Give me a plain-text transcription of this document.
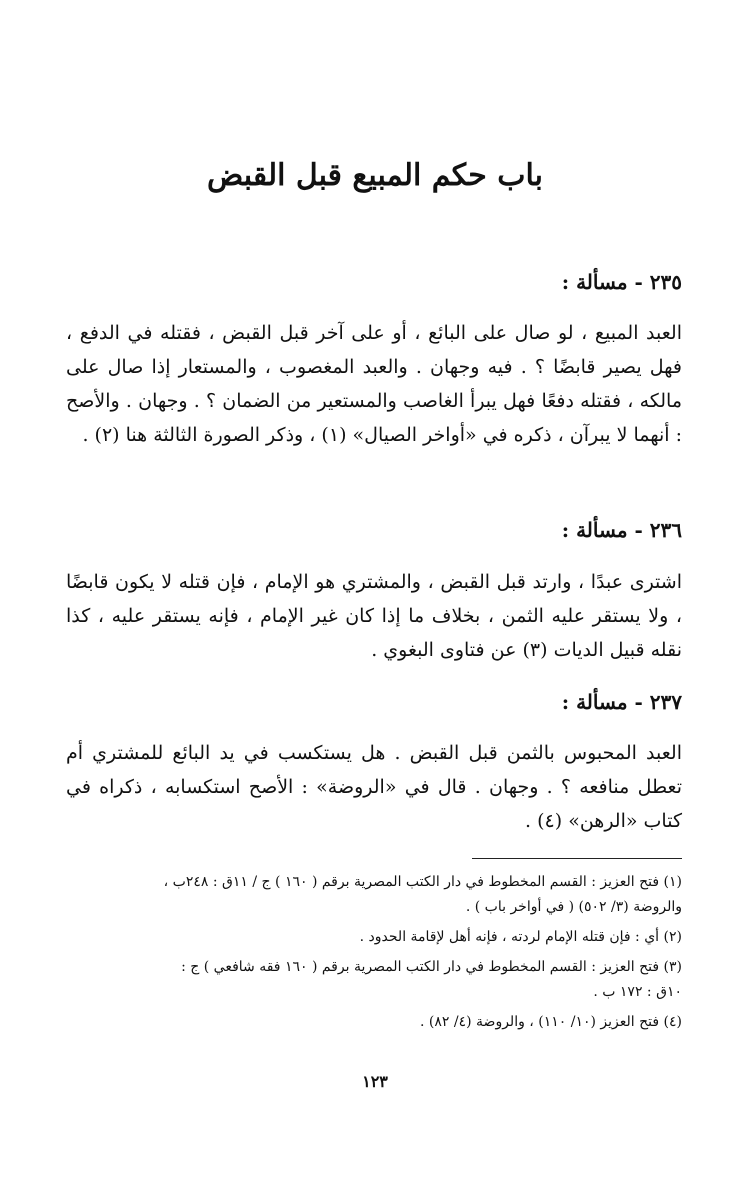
باب حكم المبيع قبل القبض
٢٣٥ - مسألة :

العبد المبيع ، لو صال على البائع ، أو على آخر قبل القبض ، فقتله في الدفع ، فهل يصير قابضًا ؟ . فيه وجهان . والعبد المغصوب ، والمستعار إذا صال على مالكه ، فقتله دفعًا فهل يبرأ الغاصب والمستعير من الضمان ؟ . وجهان . والأصح : أنهما لا يبرآن ، ذكره في «أواخر الصيال» (١) ، وذكر الصورة الثالثة هنا (٢) .

٢٣٦ - مسألة :

اشترى عبدًا ، وارتد قبل القبض ، والمشتري هو الإمام ، فإن قتله لا يكون قابضًا ، ولا يستقر عليه الثمن ، بخلاف ما إذا كان غير الإمام ، فإنه يستقر عليه ، كذا نقله قبيل الديات (٣) عن فتاوى البغوي .

٢٣٧ - مسألة :

العبد المحبوس بالثمن قبل القبض . هل يستكسب في يد البائع للمشتري أم تعطل منافعه ؟ . وجهان . قال في «الروضة» : الأصح استكسابه ، ذكراه في كتاب «الرهن» (٤) .

(١) فتح العزيز : القسم المخطوط في دار الكتب المصرية برقم ( ١٦٠ ) ج / ١١ق : ٢٤٨ب ،
والروضة (٣/ ٥٠٢) ( في أواخر باب ) .

(٢) أي : فإن قتله الإمام لردته ، فإنه أهل لإقامة الحدود .

(٣) فتح العزيز : القسم المخطوط في دار الكتب المصرية برقم ( ١٦٠ فقه شافعي ) ج :
١٠ق : ١٧٢ ب .

(٤) فتح العزيز (١٠/ ١١٠) ، والروضة (٤/ ٨٢) .

١٢٣
